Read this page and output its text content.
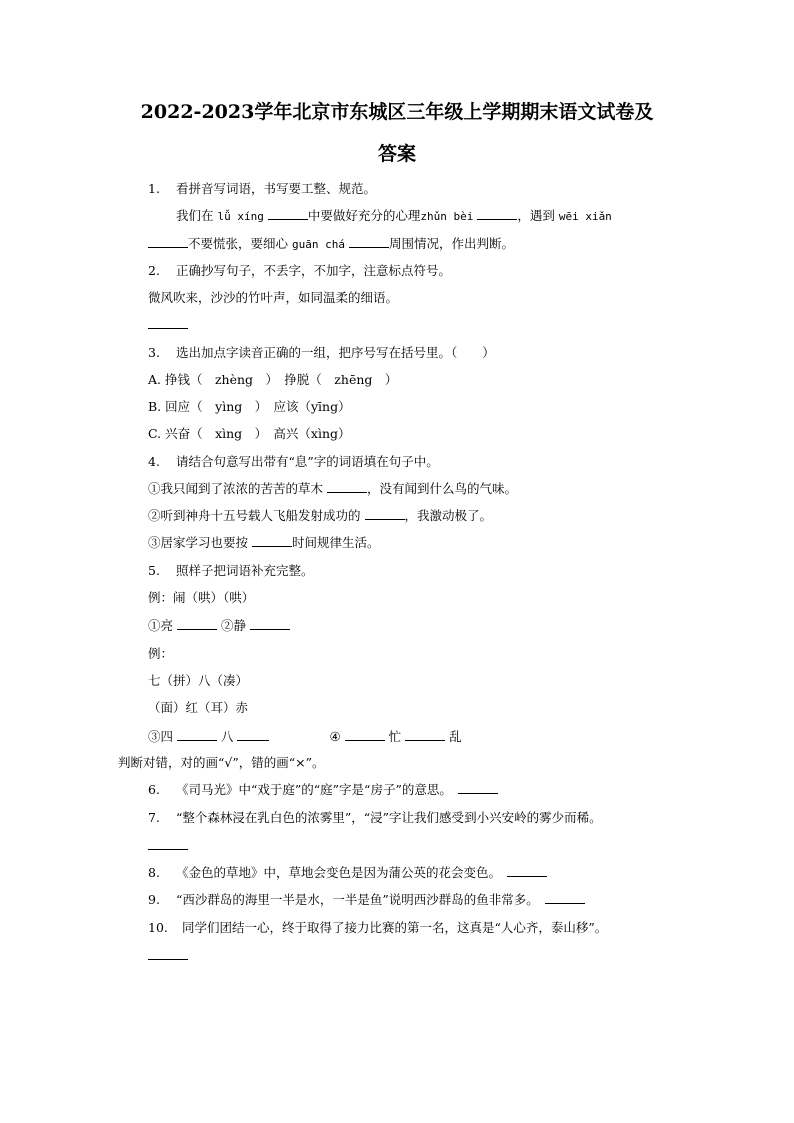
2022-2023学年北京市东城区三年级上学期期末语文试卷及
答案
1. 看拼音写词语，书写要工整、规范。
我们在 lǚ xíng	中要做好充分的心理zhǔn bèi	，遇到 wēi xiǎn
不要慌张，要细心 guān chá	周围情况，作出判断。
2. 正确抄写句子，不丢字，不加字，注意标点符号。
微风吹来，沙沙的竹叶声，如同温柔的细语。
3. 选出加点字读音正确的一组，把序号写在括号里。（　　）
A. 挣钱（　zhèng　）　挣脱（　zhēng　）
B. 回应（　yìng　）　应该（yīng）
C. 兴奋（　xìng　）　高兴（xìng）
4. 请结合句意写出带有“息”字的词语填在句子中。
①我只闻到了浓浓的苦苦的草木	，没有闻到什么鸟的气味。
②听到神舟十五号载人飞船发射成功的	，我激动极了。
③居家学习也要按	时间规律生活。
5. 照样子把词语补充完整。
例：闹（哄）（哄）
①亮	②静
例：
七（拼）八（凑）
（面）红（耳）赤
③四	八	④	忙	乱
判断对错，对的画“√”，错的画“×”。
6. 《司马光》中“戏于庭”的“庭”字是“房子”的意思。　
7. “整个森林浸在乳白色的浓雾里”，“浸”字让我们感受到小兴安岭的雾少而稀。
8. 《金色的草地》中，草地会变色是因为蒲公英的花会变色。　
9. “西沙群岛的海里一半是水，一半是鱼”说明西沙群岛的鱼非常多。　
10. 同学们团结一心，终于取得了接力比赛的第一名，这真是“人心齐，泰山移”。
